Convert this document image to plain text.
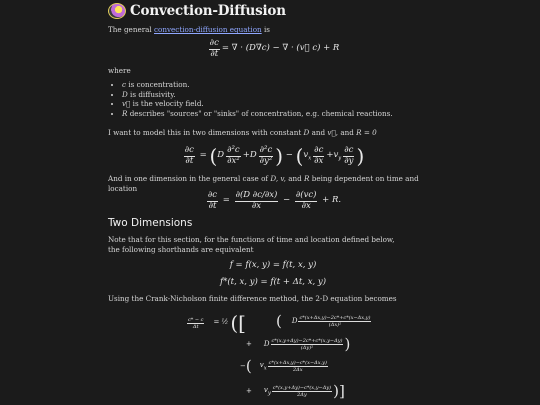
Convection-Diffusion
The general convection-diffusion equation is
$\frac{\partial c}{\partial t}$ = ∇ · (D∇c) − ∇ · (v⃗ c) + R
where
• c is concentration.
• D is diffusivity.
• v⃗ is the velocity field.
• R describes "sources" or "sinks" of concentration, e.g. chemical reactions.
I want to model this in two dimensions with constant D and v⃗, and R = 0
$\frac{\partial c}{\partial t}$ = ( D $\frac{\text{∂²c}}{\text{∂x²}} + D \frac{\text{∂²c}}{\text{∂y²}}$ ) − ( $v_x \frac{\partial c}{\partial x} + v_y \frac{\partial c}{\partial y}$ )
And in one dimension in the general case of D, v, and R being dependent on time and location
$\frac{\partial c}{\partial t} = \frac{\partial(D \partial c/\partial x)}{\partial x} - \frac{\partial(vc)}{\partial x}$
+ R.
Two Dimensions
Note that for this section, for the functions of time and location defined below, the following shorthands are equivalent
f = f(x, y) = f(t, x, y)
f*(t, x, y) = f(t + Δt, x, y)
Using the Crank-Nicholson finite difference method, the 2-D equation becomes
$\frac{c* - c}{\Delta t}$ = ½ ( [ ( D $\frac{c*(x+\Delta x,y)-2c*+c*(x-\Delta x,y)}{\text{(Δx)²}}$
+ D $\frac{c*(x,y+\Delta y)-2c*+c*(x,y-\Delta y)}{\text{(Δy)²}}$ )
− ( $v_x \frac{c*(x+\Delta x,y)-c*(x-\Delta x,y)}{2\Delta x}$
+ $v_y \frac{c*(x,y+\Delta y)-c*(x,y-\Delta y)}{2\Delta y}$ ) ]
